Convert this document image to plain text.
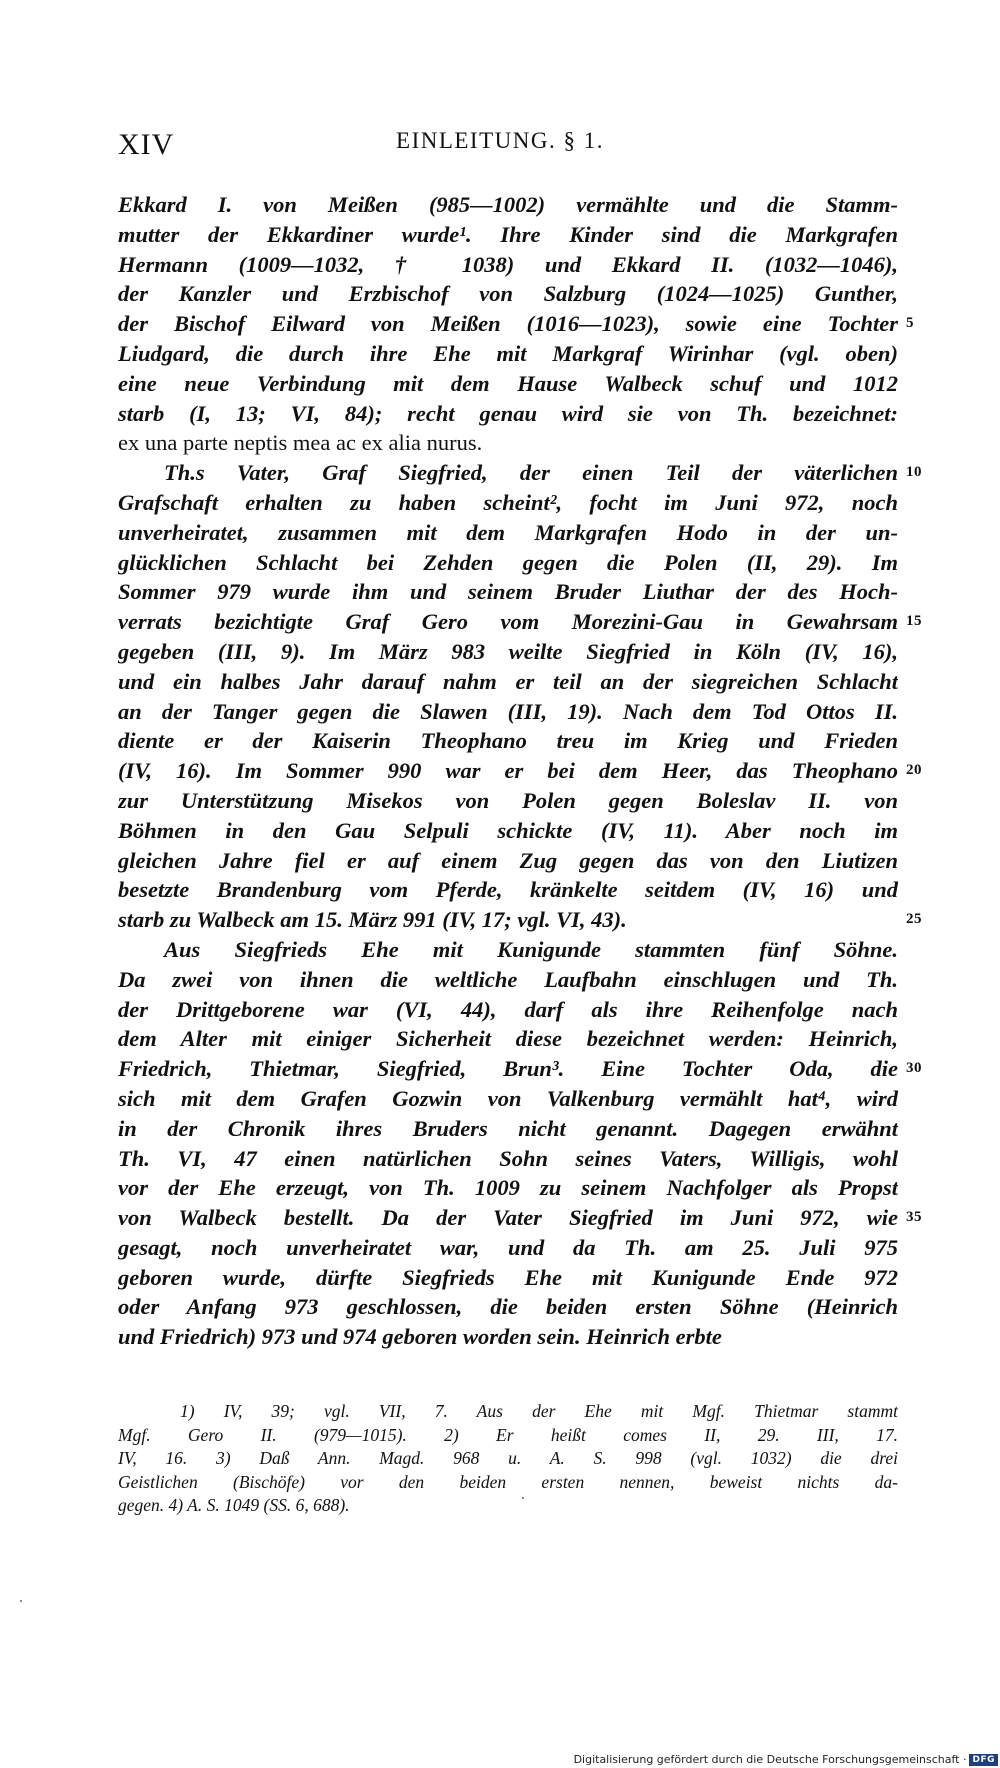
XIV	EINLEITUNG. § 1.
Ekkard I. von Meißen (985—1002) vermählte und die Stamm-
mutter der Ekkardiner wurde¹. Ihre Kinder sind die Markgrafen
Hermann (1009—1032, † 1038) und Ekkard II. (1032—1046),
der Kanzler und Erzbischof von Salzburg (1024—1025) Gunther,
der Bischof Eilward von Meißen (1016—1023), sowie eine Tochter 5
Liudgard, die durch ihre Ehe mit Markgraf Wirinhar (vgl. oben)
eine neue Verbindung mit dem Hause Walbeck schuf und 1012
starb (I, 13; VI, 84); recht genau wird sie von Th. bezeichnet:
ex una parte neptis mea ac ex alia nurus.
Th.s Vater, Graf Siegfried, der einen Teil der väterlichen 10
Grafschaft erhalten zu haben scheint², focht im Juni 972, noch
unverheiratet, zusammen mit dem Markgrafen Hodo in der un-
glücklichen Schlacht bei Zehden gegen die Polen (II, 29). Im
Sommer 979 wurde ihm und seinem Bruder Liuthar der des Hoch-
verrats bezichtigte Graf Gero vom Morezini-Gau in Gewahrsam 15
gegeben (III, 9). Im März 983 weilte Siegfried in Köln (IV, 16),
und ein halbes Jahr darauf nahm er teil an der siegreichen Schlacht
an der Tanger gegen die Slawen (III, 19). Nach dem Tod Ottos II.
diente er der Kaiserin Theophano treu im Krieg und Frieden
(IV, 16). Im Sommer 990 war er bei dem Heer, das Theophano 20
zur Unterstützung Misekos von Polen gegen Boleslav II. von
Böhmen in den Gau Selpuli schickte (IV, 11). Aber noch im
gleichen Jahre fiel er auf einem Zug gegen das von den Liutizen
besetzte Brandenburg vom Pferde, kränkelte seitdem (IV, 16) und
starb zu Walbeck am 15. März 991 (IV, 17; vgl. VI, 43).	25
Aus Siegfrieds Ehe mit Kunigunde stammten fünf Söhne.
Da zwei von ihnen die weltliche Laufbahn einschlugen und Th.
der Drittgeborene war (VI, 44), darf als ihre Reihenfolge nach
dem Alter mit einiger Sicherheit diese bezeichnet werden: Heinrich,
Friedrich, Thietmar, Siegfried, Brun³. Eine Tochter Oda, die 30
sich mit dem Grafen Gozwin von Valkenburg vermählt hat⁴, wird
in der Chronik ihres Bruders nicht genannt. Dagegen erwähnt
Th. VI, 47 einen natürlichen Sohn seines Vaters, Willigis, wohl
vor der Ehe erzeugt, von Th. 1009 zu seinem Nachfolger als Propst
von Walbeck bestellt. Da der Vater Siegfried im Juni 972, wie 35
gesagt, noch unverheiratet war, und da Th. am 25. Juli 975
geboren wurde, dürfte Siegfrieds Ehe mit Kunigunde Ende 972
oder Anfang 973 geschlossen, die beiden ersten Söhne (Heinrich
und Friedrich) 973 und 974 geboren worden sein. Heinrich erbte
1) IV, 39; vgl. VII, 7. Aus der Ehe mit Mgf. Thietmar stammt
Mgf. Gero II. (979—1015). 2) Er heißt comes II, 29. III, 17.
IV, 16. 3) Daß Ann. Magd. 968 u. A. S. 998 (vgl. 1032) die drei
Geistlichen (Bischöfe) vor den beiden ersten nennen, beweist nichts da-
gegen. 4) A. S. 1049 (SS. 6, 688).
Digitalisierung gefördert durch die Deutsche Forschungsgemeinschaft · DFG
